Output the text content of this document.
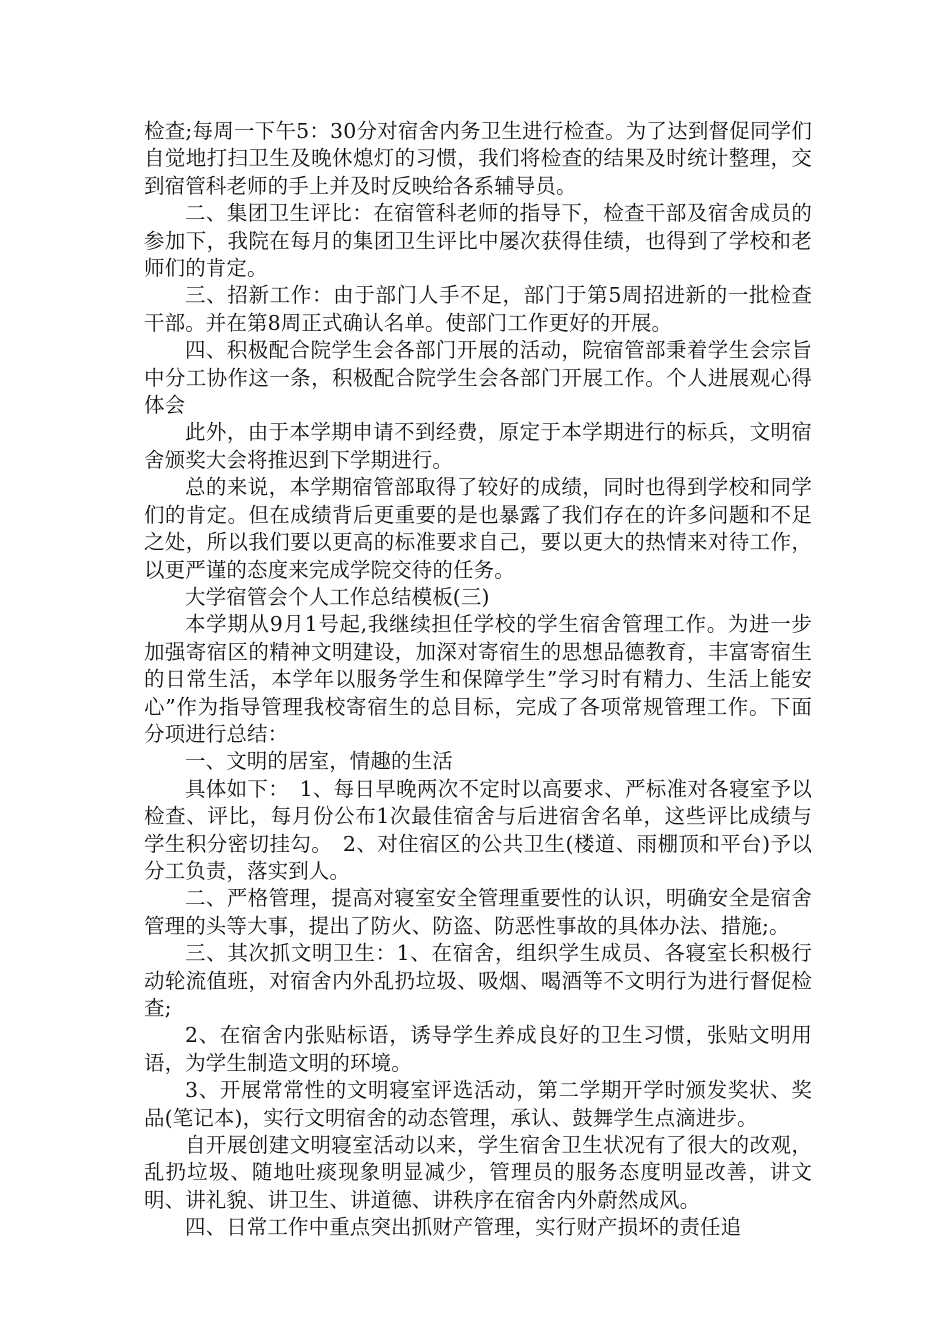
检查;每周一下午5：30分对宿舍内务卫生进行检查。为了达到督促同学们自觉地打扫卫生及晚休熄灯的习惯，我们将检查的结果及时统计整理，交到宿管科老师的手上并及时反映给各系辅导员。

二、集团卫生评比：在宿管科老师的指导下，检查干部及宿舍成员的参加下，我院在每月的集团卫生评比中屡次获得佳绩，也得到了学校和老师们的肯定。

三、招新工作：由于部门人手不足，部门于第5周招进新的一批检查干部。并在第8周正式确认名单。使部门工作更好的开展。

四、积极配合院学生会各部门开展的活动，院宿管部秉着学生会宗旨中分工协作这一条，积极配合院学生会各部门开展工作。个人进展观心得体会

此外，由于本学期申请不到经费，原定于本学期进行的标兵，文明宿舍颁奖大会将推迟到下学期进行。

总的来说，本学期宿管部取得了较好的成绩，同时也得到学校和同学们的肯定。但在成绩背后更重要的是也暴露了我们存在的许多问题和不足之处，所以我们要以更高的标准要求自己，要以更大的热情来对待工作，以更严谨的态度来完成学院交待的任务。

大学宿管会个人工作总结模板(三)

本学期从9月1号起,我继续担任学校的学生宿舍管理工作。为进一步加强寄宿区的精神文明建设，加深对寄宿生的思想品德教育，丰富寄宿生的日常生活，本学年以服务学生和保障学生”学习时有精力、生活上能安心”作为指导管理我校寄宿生的总目标，完成了各项常规管理工作。下面分项进行总结：

一、文明的居室，情趣的生活

具体如下：　1、每日早晚两次不定时以高要求、严标准对各寝室予以检查、评比，每月份公布1次最佳宿舍与后进宿舍名单，这些评比成绩与学生积分密切挂勾。　2、对住宿区的公共卫生(楼道、雨棚顶和平台)予以分工负责，落实到人。

二、严格管理，提高对寝室安全管理重要性的认识，明确安全是宿舍管理的头等大事，提出了防火、防盗、防恶性事故的具体办法、措施;。

三、其次抓文明卫生：1、在宿舍，组织学生成员、各寝室长积极行动轮流值班，对宿舍内外乱扔垃圾、吸烟、喝酒等不文明行为进行督促检查;

2、在宿舍内张贴标语，诱导学生养成良好的卫生习惯，张贴文明用语，为学生制造文明的环境。

3、开展常常性的文明寝室评选活动，第二学期开学时颁发奖状、奖品(笔记本)，实行文明宿舍的动态管理，承认、鼓舞学生点滴进步。

自开展创建文明寝室活动以来，学生宿舍卫生状况有了很大的改观，乱扔垃圾、随地吐痰现象明显减少，管理员的服务态度明显改善，讲文明、讲礼貌、讲卫生、讲道德、讲秩序在宿舍内外蔚然成风。

四、日常工作中重点突出抓财产管理，实行财产损坏的责任追
